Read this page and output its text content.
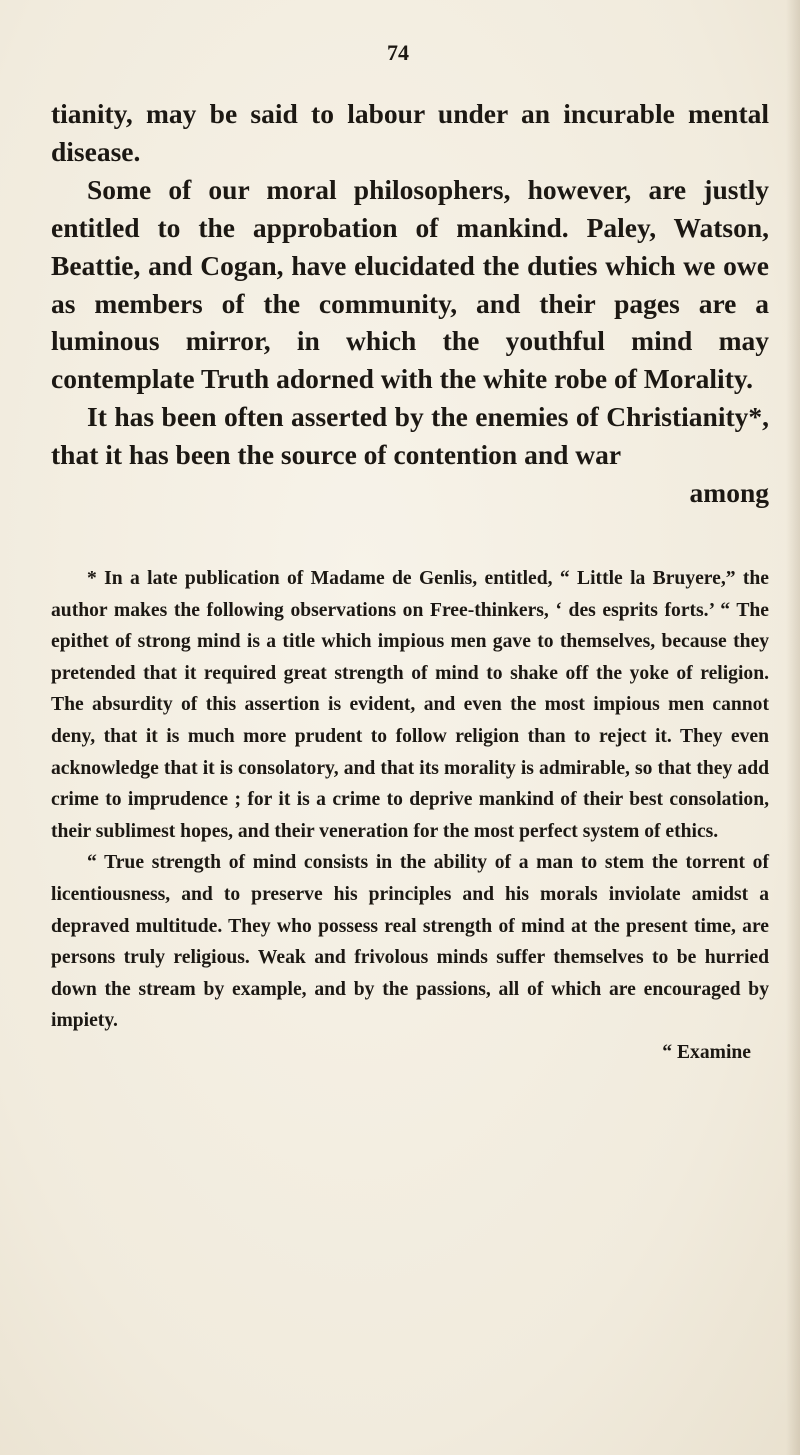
74

tianity, may be said to labour under an incurable mental disease.

Some of our moral philosophers, however, are justly entitled to the approbation of mankind. Paley, Watson, Beattie, and Cogan, have elucidated the duties which we owe as members of the community, and their pages are a luminous mirror, in which the youthful mind may contemplate Truth adorned with the white robe of Morality.

It has been often asserted by the enemies of Christianity*, that it has been the source of contention and war

among

* In a late publication of Madame de Genlis, entitled, “ Little la Bruyere,” the author makes the following observations on Free-thinkers, ‘ des esprits forts.’ “ The epithet of strong mind is a title which impious men gave to themselves, because they pretended that it required great strength of mind to shake off the yoke of religion. The absurdity of this assertion is evident, and even the most impious men cannot deny, that it is much more prudent to follow religion than to reject it. They even acknowledge that it is consolatory, and that its morality is admirable, so that they add crime to imprudence ; for it is a crime to deprive mankind of their best consolation, their sublimest hopes, and their veneration for the most perfect system of ethics.

“ True strength of mind consists in the ability of a man to stem the torrent of licentiousness, and to preserve his principles and his morals inviolate amidst a depraved multitude. They who possess real strength of mind at the present time, are persons truly religious. Weak and frivolous minds suffer themselves to be hurried down the stream by example, and by the passions, all of which are encouraged by impiety.

“ Examine
